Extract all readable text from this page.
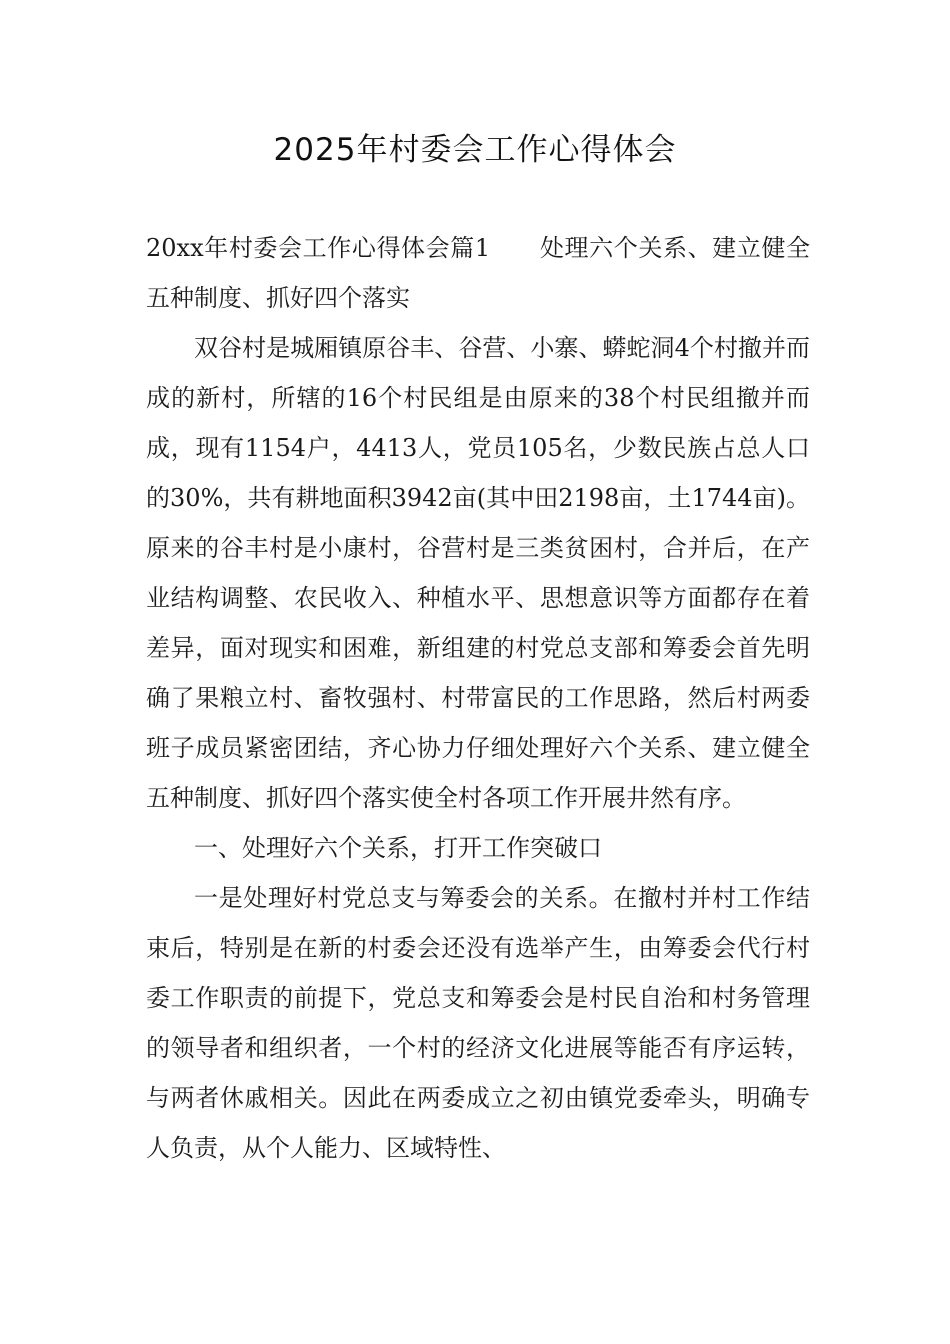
2025年村委会工作心得体会

20xx年村委会工作心得体会篇1　　处理六个关系、建立健全五种制度、抓好四个落实

双谷村是城厢镇原谷丰、谷营、小寨、蟒蛇洞4个村撤并而成的新村，所辖的16个村民组是由原来的38个村民组撤并而成，现有1154户，4413人，党员105名，少数民族占总人口的30%，共有耕地面积3942亩(其中田2198亩，土1744亩)。原来的谷丰村是小康村，谷营村是三类贫困村，合并后，在产业结构调整、农民收入、种植水平、思想意识等方面都存在着差异，面对现实和困难，新组建的村党总支部和筹委会首先明确了果粮立村、畜牧强村、村带富民的工作思路，然后村两委班子成员紧密团结，齐心协力仔细处理好六个关系、建立健全五种制度、抓好四个落实使全村各项工作开展井然有序。

一、处理好六个关系，打开工作突破口

一是处理好村党总支与筹委会的关系。在撤村并村工作结束后，特别是在新的村委会还没有选举产生，由筹委会代行村委工作职责的前提下，党总支和筹委会是村民自治和村务管理的领导者和组织者，一个村的经济文化进展等能否有序运转，与两者休戚相关。因此在两委成立之初由镇党委牵头，明确专人负责，从个人能力、区域特性、
